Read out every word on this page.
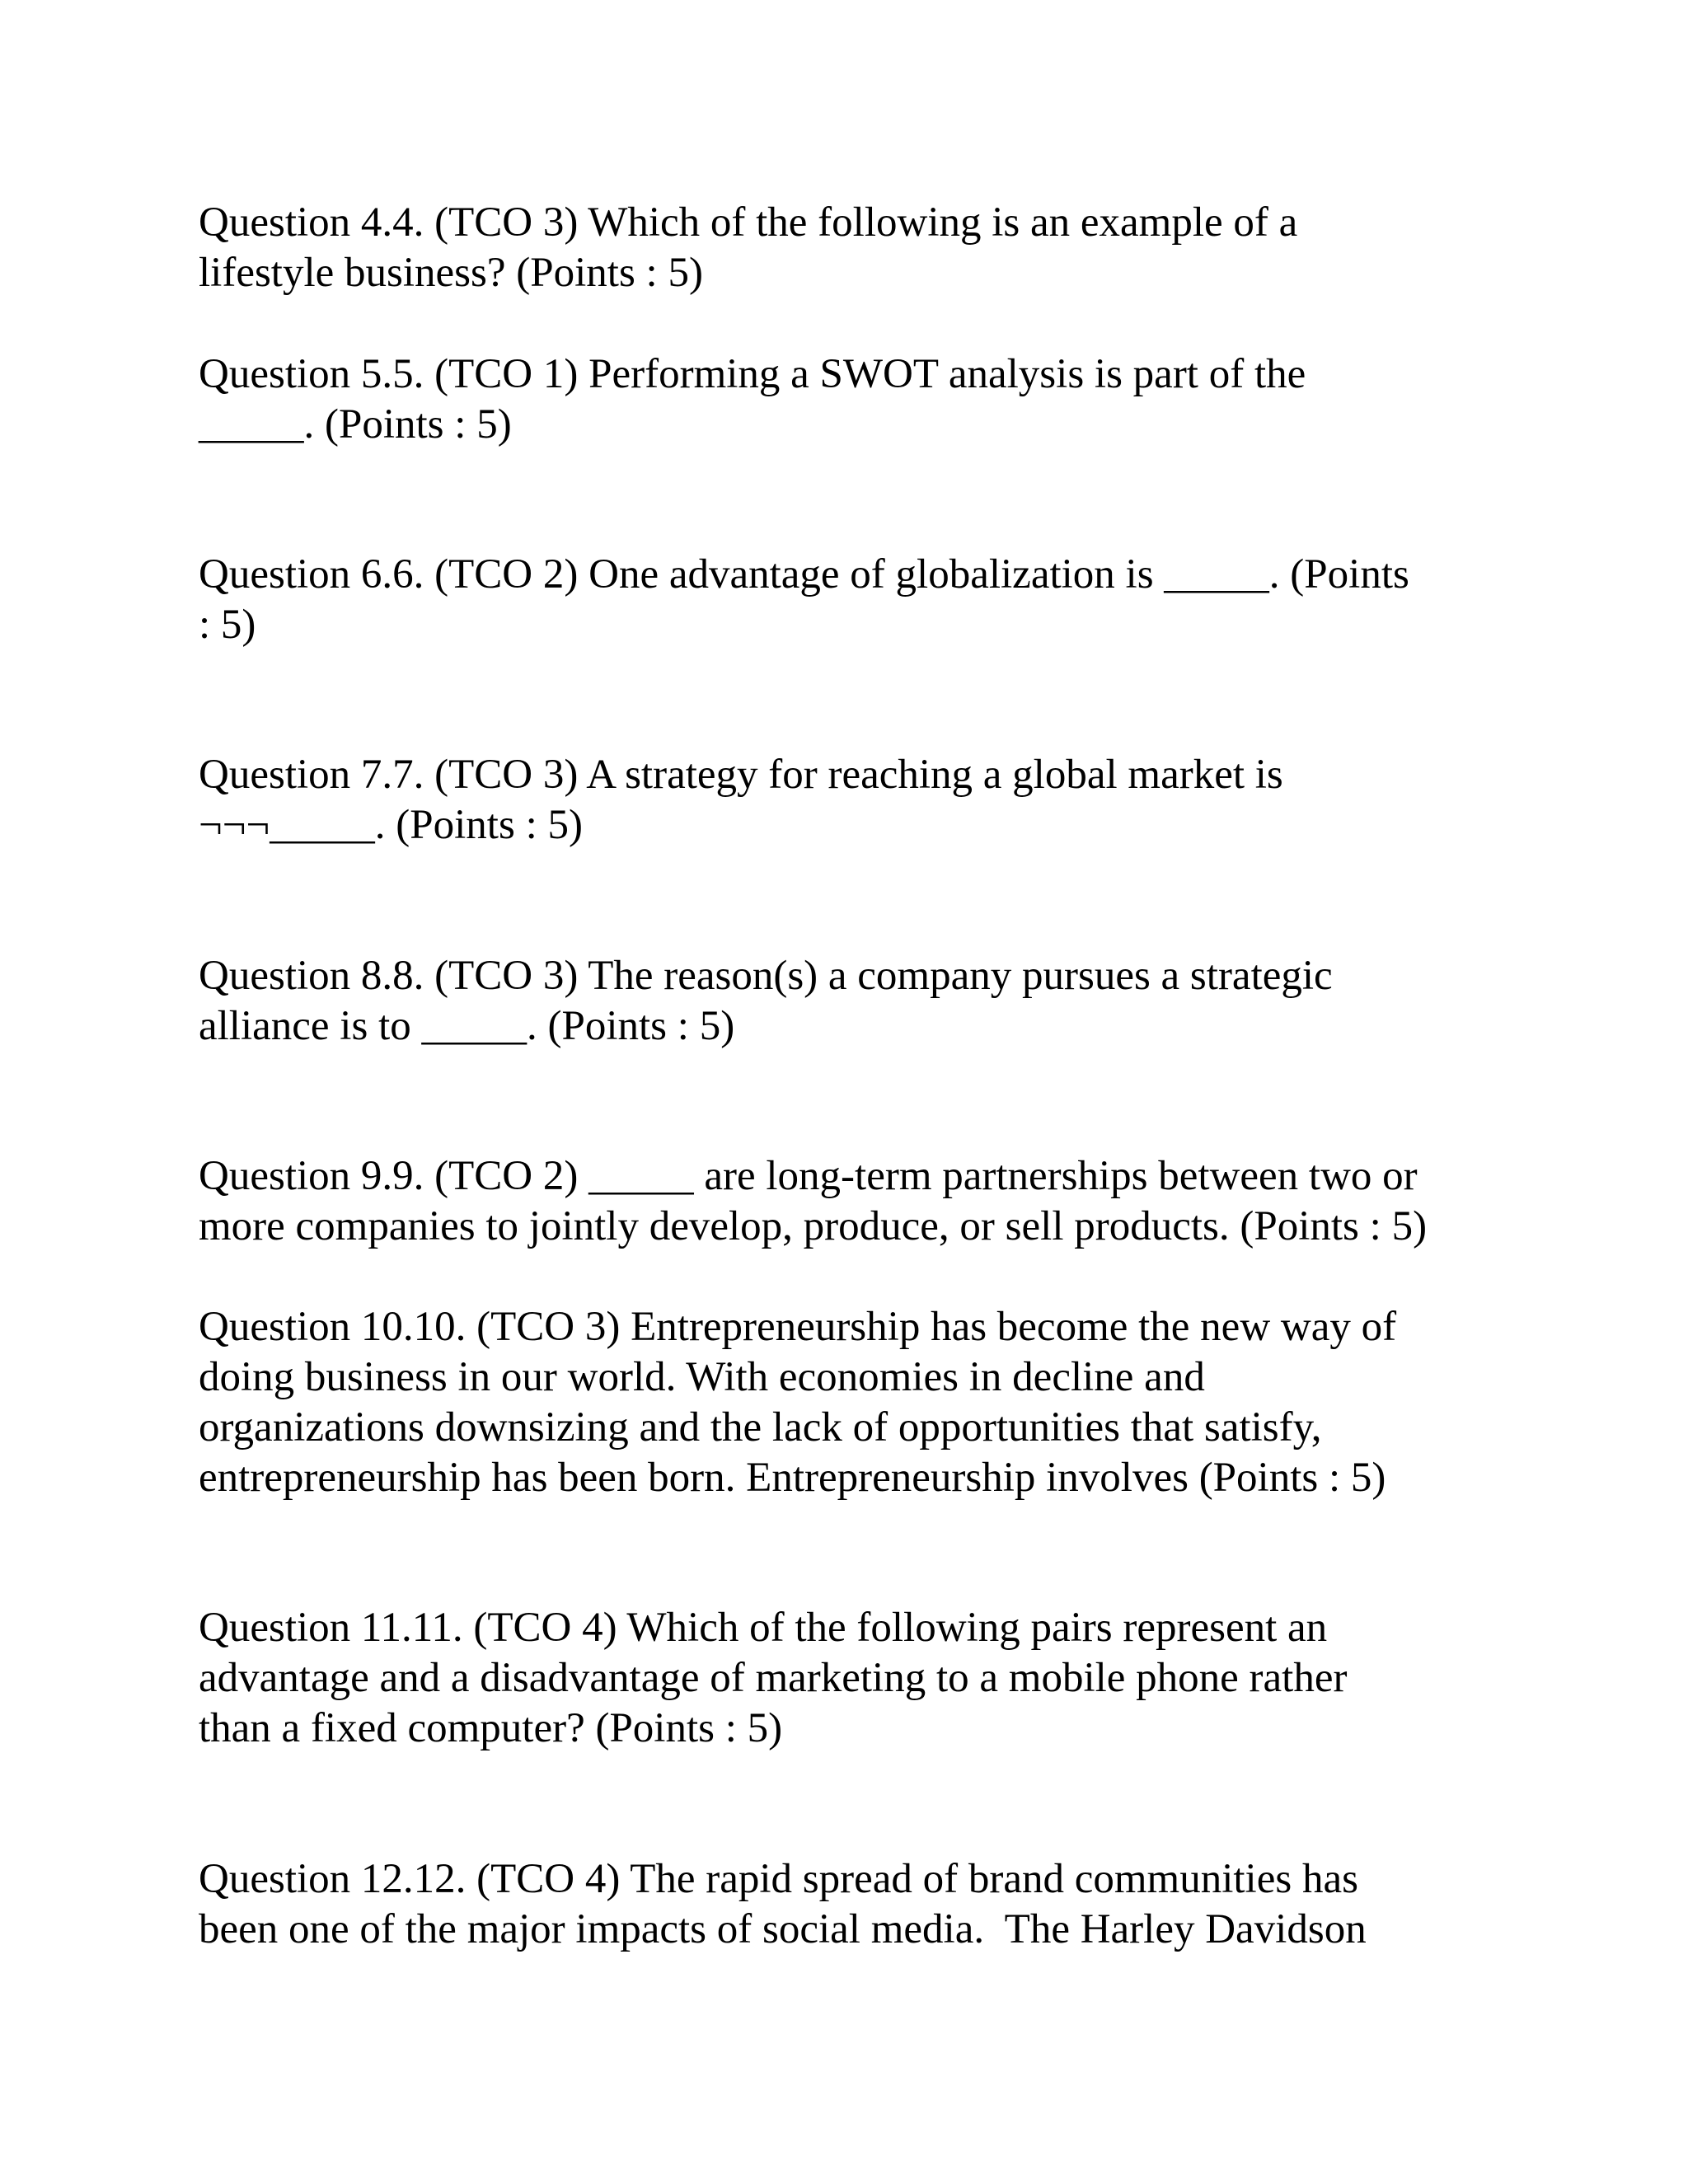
Question 4.4. (TCO 3) Which of the following is an example of a
lifestyle business? (Points : 5)

Question 5.5. (TCO 1) Performing a SWOT analysis is part of the
_____. (Points : 5)

Question 6.6. (TCO 2) One advantage of globalization is _____. (Points
: 5)

Question 7.7. (TCO 3) A strategy for reaching a global market is
¬¬¬_____. (Points : 5)

Question 8.8. (TCO 3) The reason(s) a company pursues a strategic
alliance is to _____. (Points : 5)

Question 9.9. (TCO 2) _____ are long-term partnerships between two or
more companies to jointly develop, produce, or sell products. (Points : 5)

Question 10.10. (TCO 3) Entrepreneurship has become the new way of
doing business in our world. With economies in decline and
organizations downsizing and the lack of opportunities that satisfy,
entrepreneurship has been born. Entrepreneurship involves (Points : 5)

Question 11.11. (TCO 4) Which of the following pairs represent an
advantage and a disadvantage of marketing to a mobile phone rather
than a fixed computer? (Points : 5)

Question 12.12. (TCO 4) The rapid spread of brand communities has
been one of the major impacts of social media.  The Harley Davidson
